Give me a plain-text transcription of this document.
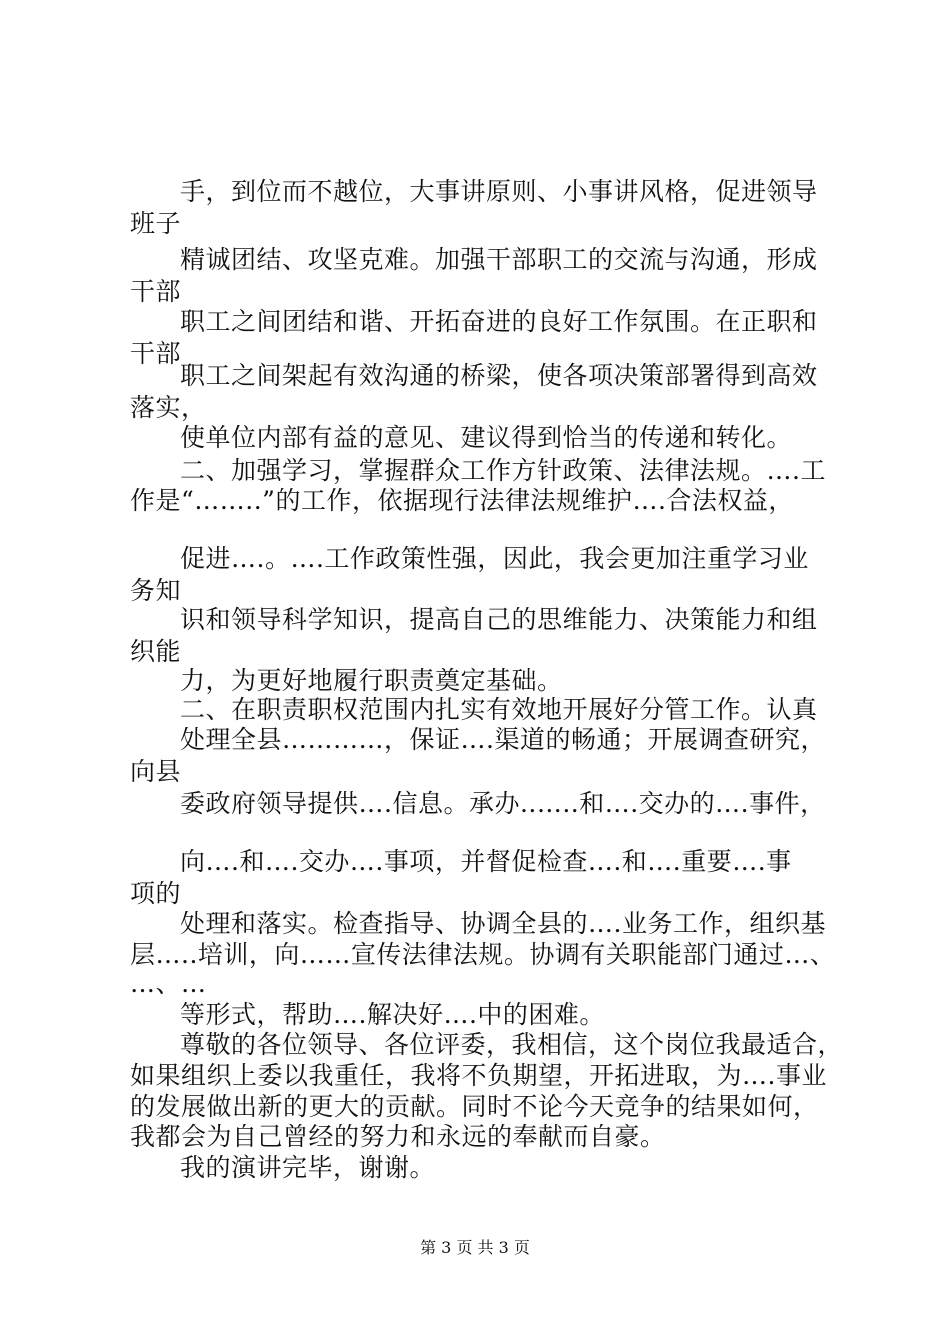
手，到位而不越位，大事讲原则、小事讲风格，促进领导
班子
精诚团结、攻坚克难。加强干部职工的交流与沟通，形成
干部
职工之间团结和谐、开拓奋进的良好工作氛围。在正职和
干部
职工之间架起有效沟通的桥梁，使各项决策部署得到高效
落实，
使单位内部有益的意见、建议得到恰当的传递和转化。
二、加强学习，掌握群众工作方针政策、法律法规。….工
作是“……..”的工作，依据现行法律法规维护….合法权益，
促进….。….工作政策性强，因此，我会更加注重学习业
务知
识和领导科学知识，提高自己的思维能力、决策能力和组
织能
力，为更好地履行职责奠定基础。
二、在职责职权范围内扎实有效地开展好分管工作。认真
处理全县…………，保证….渠道的畅通；开展调查研究，
向县
委政府领导提供….信息。承办..…..和….交办的….事件，
向….和….交办….事项，并督促检查….和….重要….事
项的
处理和落实。检查指导、协调全县的….业务工作，组织基
层…..培训，向……宣传法律法规。协调有关职能部门通过…、
…、…
等形式，帮助….解决好….中的困难。
尊敬的各位领导、各位评委，我相信，这个岗位我最适合，
如果组织上委以我重任，我将不负期望，开拓进取，为….事业
的发展做出新的更大的贡献。同时不论今天竞争的结果如何，
我都会为自己曾经的努力和永远的奉献而自豪。
我的演讲完毕，谢谢。
第 3 页 共 3 页
